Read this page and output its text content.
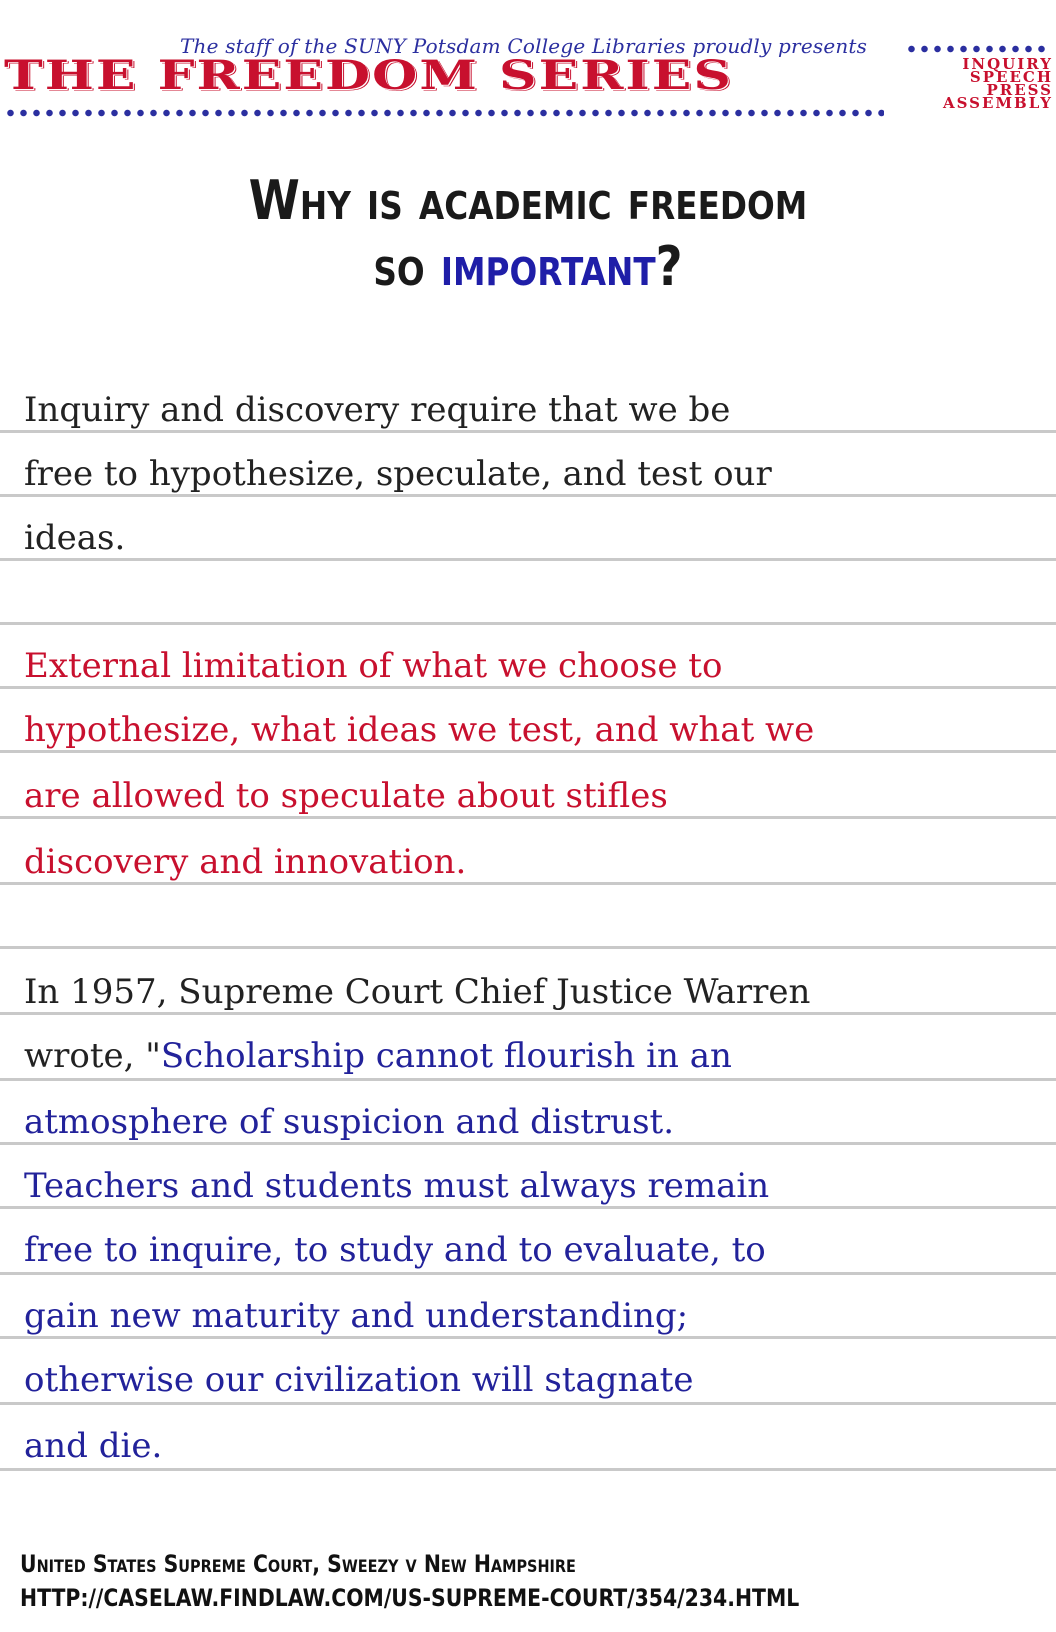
The staff of the SUNY Potsdam College Libraries proudly presents
THE FREEDOM SERIES	INQUIRY
SPEECH
PRESS
ASSEMBLY
Why is academic freedom
so important?
Inquiry and discovery require that we be
free to hypothesize, speculate, and test our
ideas.
External limitation of what we choose to
hypothesize, what ideas we test, and what we
are allowed to speculate about stifles
discovery and innovation.
In 1957, Supreme Court Chief Justice Warren
wrote, "Scholarship cannot flourish in an
atmosphere of suspicion and distrust.
Teachers and students must always remain
free to inquire, to study and to evaluate, to
gain new maturity and understanding;
otherwise our civilization will stagnate
and die.
United States Supreme Court, Sweezy v New Hampshire
HTTP://CASELAW.FINDLAW.COM/US-SUPREME-COURT/354/234.HTML
